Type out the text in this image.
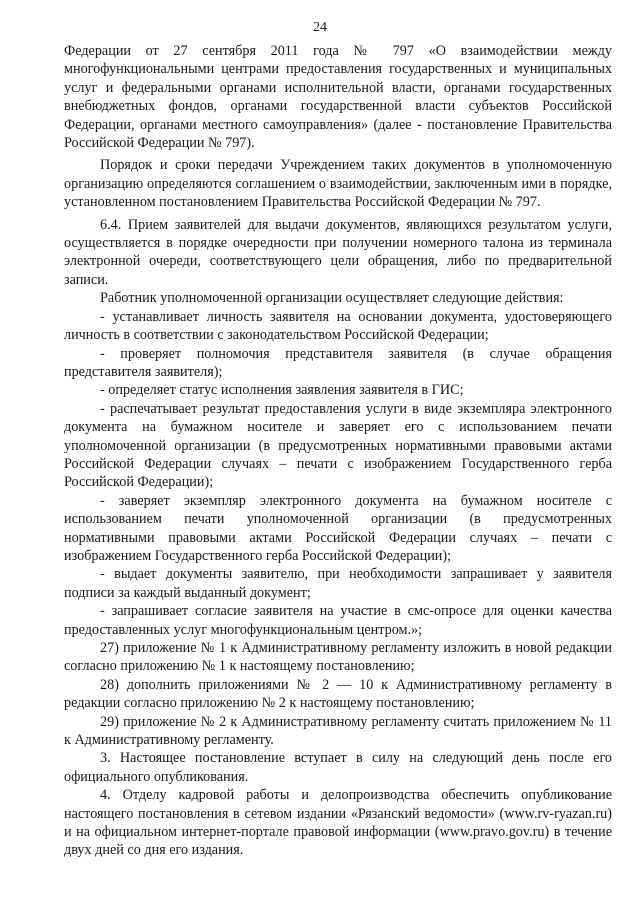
24

Федерации от 27 сентября 2011 года № 797 «О взаимодействии между многофункциональными центрами предоставления государственных и муниципальных услуг и федеральными органами исполнительной власти, органами государственных внебюджетных фондов, органами государственной власти субъектов Российской Федерации, органами местного самоуправления» (далее - постановление Правительства Российской Федерации № 797).

Порядок и сроки передачи Учреждением таких документов в уполномоченную организацию определяются соглашением о взаимодействии, заключенным ими в порядке, установленном постановлением Правительства Российской Федерации № 797.

6.4. Прием заявителей для выдачи документов, являющихся результатом услуги, осуществляется в порядке очередности при получении номерного талона из терминала электронной очереди, соответствующего цели обращения, либо по предварительной записи.

Работник уполномоченной организации осуществляет следующие действия:

- устанавливает личность заявителя на основании документа, удостоверяющего личность в соответствии с законодательством Российской Федерации;

- проверяет полномочия представителя заявителя (в случае обращения представителя заявителя);

- определяет статус исполнения заявления заявителя в ГИС;

- распечатывает результат предоставления услуги в виде экземпляра электронного документа на бумажном носителе и заверяет его с использованием печати уполномоченной организации (в предусмотренных нормативными правовыми актами Российской Федерации случаях – печати с изображением Государственного герба Российской Федерации);

- заверяет экземпляр электронного документа на бумажном носителе с использованием печати уполномоченной организации (в предусмотренных нормативными правовыми актами Российской Федерации случаях – печати с изображением Государственного герба Российской Федерации);

- выдает документы заявителю, при необходимости запрашивает у заявителя подписи за каждый выданный документ;

- запрашивает согласие заявителя на участие в смс-опросе для оценки качества предоставленных услуг многофункциональным центром.»;

27) приложение № 1 к Административному регламенту изложить в новой редакции согласно приложению № 1 к настоящему постановлению;

28) дополнить приложениями № 2 — 10 к Административному регламенту в редакции согласно приложению № 2 к настоящему постановлению;

29) приложение № 2 к Административному регламенту считать приложением № 11 к Административному регламенту.

3. Настоящее постановление вступает в силу на следующий день после его официального опубликования.

4. Отделу кадровой работы и делопроизводства обеспечить опубликование настоящего постановления в сетевом издании «Рязанский ведомости» (www.rv-ryazan.ru) и на официальном интернет-портале правовой информации (www.pravo.gov.ru) в течение двух дней со дня его издания.
